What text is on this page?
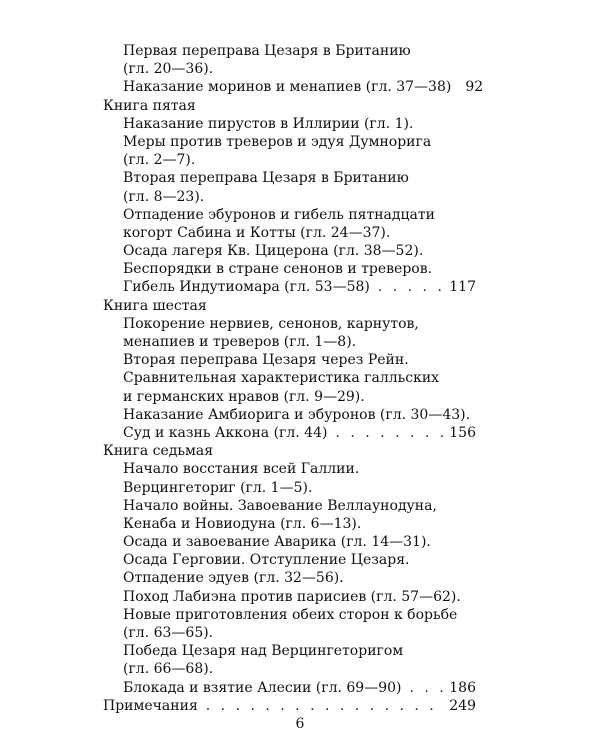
Первая переправа Цезаря в Британию
(гл. 20—36).
Наказание моринов и менапиев (гл. 37—38) 92
Книга пятая
Наказание пирустов в Иллирии (гл. 1).
Меры против треверов и эдуя Думнорига
(гл. 2—7).
Вторая переправа Цезаря в Британию
(гл. 8—23).
Отпадение эбуронов и гибель пятнадцати
когорт Сабина и Котты (гл. 24—37).
Осада лагеря Кв. Цицерона (гл. 38—52).
Беспорядки в стране сенонов и треверов.
Гибель Индутиомара (гл. 53—58) . . .	117
Книга шестая
Покорение нервиев, сенонов, карнутов,
менапиев и треверов (гл. 1—8).
Вторая переправа Цезаря через Рейн.
Сравнительная характеристика галльских
и германских нравов (гл. 9—29).
Наказание Амбиорига и эбуронов (гл. 30—43).
Суд и казнь Аккона (гл. 44) . . .	156
Книга седьмая
Начало восстания всей Галлии.
Верцингеториг (гл. 1—5).
Начало войны. Завоевание Веллаунодуна,
Кенаба и Новиодуна (гл. 6—13).
Осада и завоевание Аварика (гл. 14—31).
Осада Герговии. Отступление Цезаря.
Отпадение эдуев (гл. 32—56).
Поход Лабиэна против парисиев (гл. 57—62).
Новые приготовления обеих сторон к борьбе
(гл. 63—65).
Победа Цезаря над Верцингеторигом
(гл. 66—68).
Блокада и взятие Алесии (гл. 69—90) . . .	186
Примечания . . .	249
6
